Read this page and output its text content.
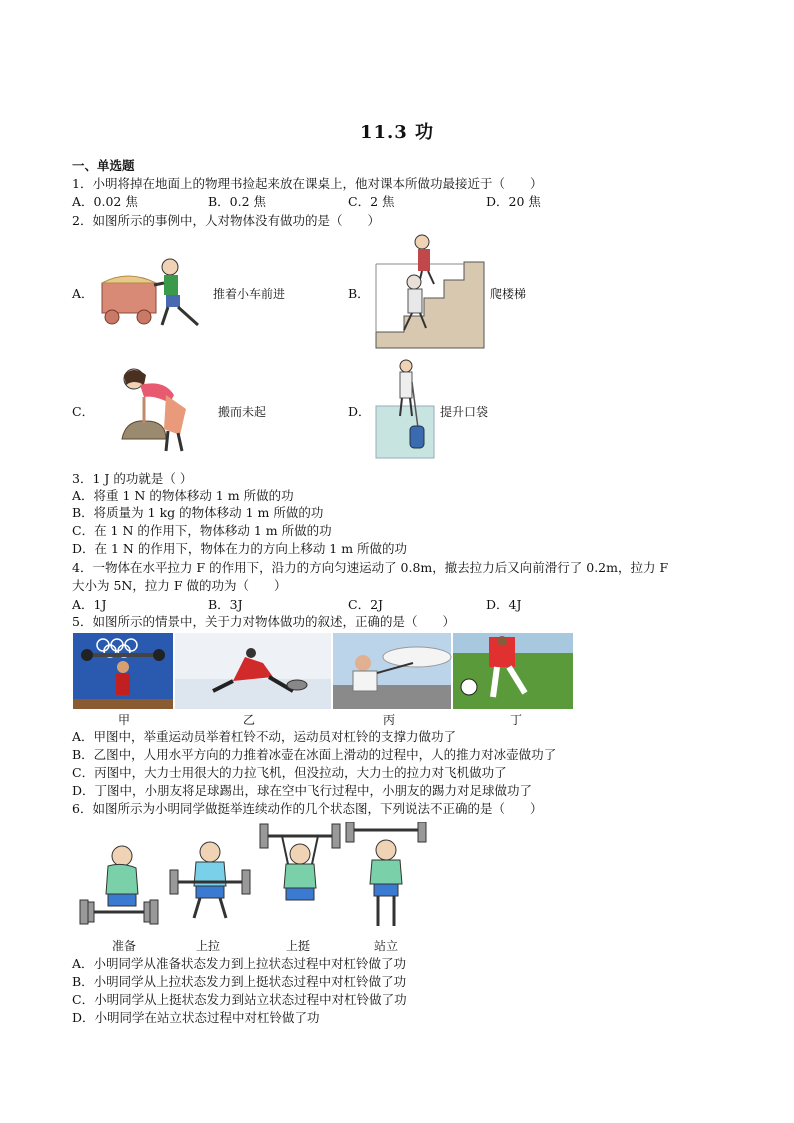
11.3 功
一、单选题
1．小明将掉在地面上的物理书捡起来放在课桌上，他对课本所做功最接近于（　　）
A．0.02 焦	B．0.2 焦	C．2 焦	D．20 焦
2．如图所示的事例中，人对物体没有做功的是（　　）
A．	推着小车前进	B．	爬楼梯
C．	搬而未起	D．	提升口袋
3．1 J 的功就是（ ）
A．将重 1 N 的物体移动 1 m 所做的功
B．将质量为 1 kg 的物体移动 1 m 所做的功
C．在 1 N 的作用下，物体移动 1 m 所做的功
D．在 1 N 的作用下，物体在力的方向上移动 1 m 所做的功
4．一物体在水平拉力 F 的作用下，沿力的方向匀速运动了 0.8m，撤去拉力后又向前滑行了 0.2m，拉力 F
大小为 5N，拉力 F 做的功为（　　）
A．1J	B．3J	C．2J	D．4J
5．如图所示的情景中，关于力对物体做功的叙述，正确的是（　　）
甲	乙	丙	丁
A．甲图中，举重运动员举着杠铃不动，运动员对杠铃的支撑力做功了
B．乙图中，人用水平方向的力推着冰壶在冰面上滑动的过程中，人的推力对冰壶做功了
C．丙图中，大力士用很大的力拉飞机，但没拉动，大力士的拉力对飞机做功了
D．丁图中，小朋友将足球踢出，球在空中飞行过程中，小朋友的踢力对足球做功了
6．如图所示为小明同学做挺举连续动作的几个状态图，下列说法不正确的是（　　）
准备	上拉	上挺	站立
A．小明同学从准备状态发力到上拉状态过程中对杠铃做了功
B．小明同学从上拉状态发力到上挺状态过程中对杠铃做了功
C．小明同学从上挺状态发力到站立状态过程中对杠铃做了功
D．小明同学在站立状态过程中对杠铃做了功
